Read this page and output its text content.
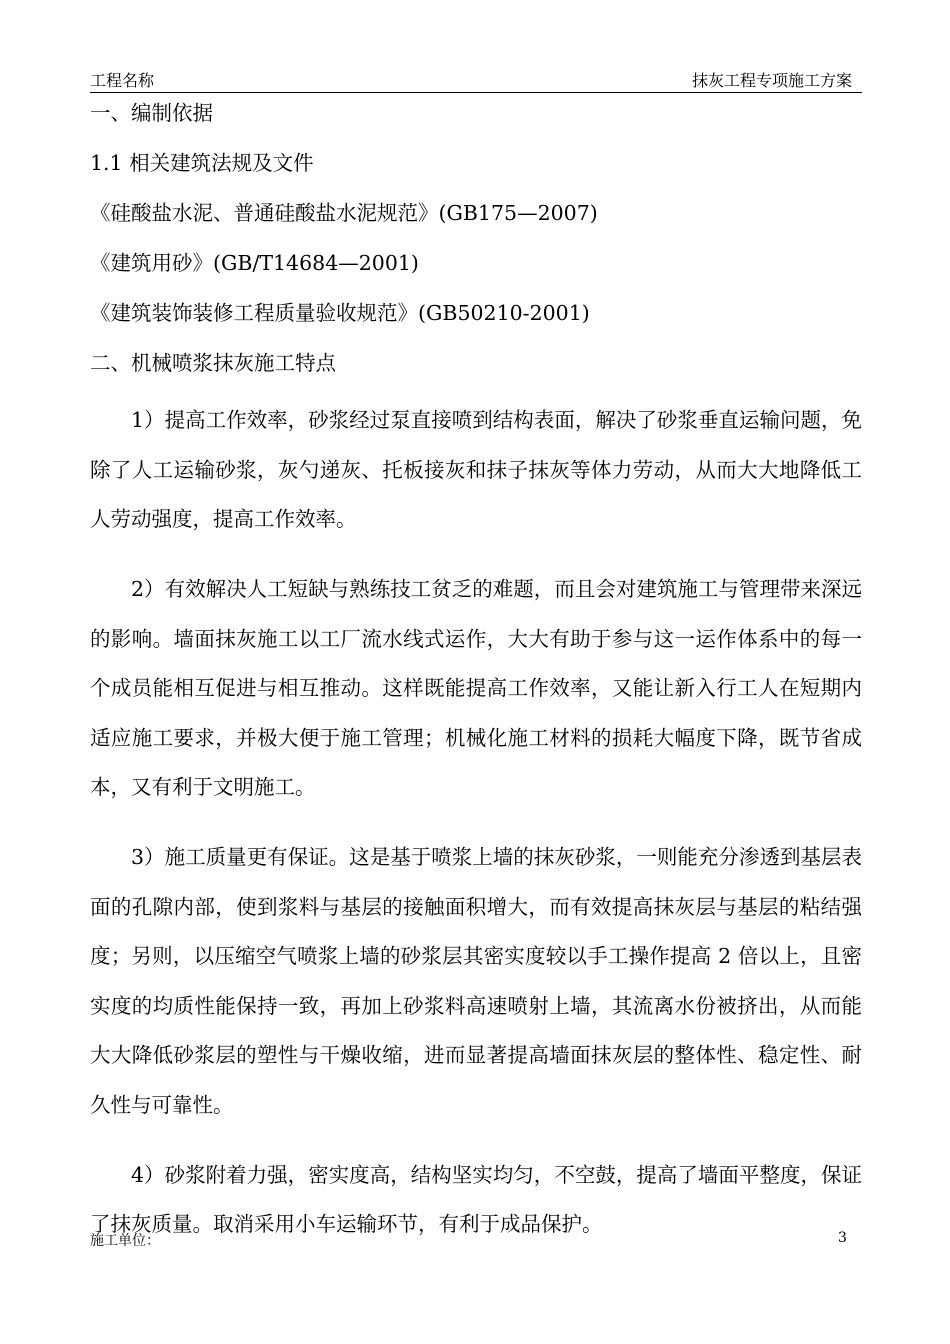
工程名称	抹灰工程专项施工方案
一、编制依据
1.1 相关建筑法规及文件
《硅酸盐水泥、普通硅酸盐水泥规范》(GB175—2007)
《建筑用砂》(GB/T14684—2001)
《建筑装饰装修工程质量验收规范》(GB50210-2001)
二、机械喷浆抹灰施工特点

1）提高工作效率，砂浆经过泵直接喷到结构表面，解决了砂浆垂直运输问题，免除了人工运输砂浆，灰勺递灰、托板接灰和抹子抹灰等体力劳动，从而大大地降低工人劳动强度，提高工作效率。

2）有效解决人工短缺与熟练技工贫乏的难题，而且会对建筑施工与管理带来深远的影响。墙面抹灰施工以工厂流水线式运作，大大有助于参与这一运作体系中的每一个成员能相互促进与相互推动。这样既能提高工作效率，又能让新入行工人在短期内适应施工要求，并极大便于施工管理；机械化施工材料的损耗大幅度下降，既节省成本，又有利于文明施工。

3）施工质量更有保证。这是基于喷浆上墙的抹灰砂浆，一则能充分渗透到基层表面的孔隙内部，使到浆料与基层的接触面积增大，而有效提高抹灰层与基层的粘结强度；另则，以压缩空气喷浆上墙的砂浆层其密实度较以手工操作提高 2 倍以上，且密实度的均质性能保持一致，再加上砂浆料高速喷射上墙，其流离水份被挤出，从而能大大降低砂浆层的塑性与干燥收缩，进而显著提高墙面抹灰层的整体性、稳定性、耐久性与可靠性。

4）砂浆附着力强，密实度高，结构坚实均匀，不空鼓，提高了墙面平整度，保证了抹灰质量。取消采用小车运输环节，有利于成品保护。

施工单位：	3
